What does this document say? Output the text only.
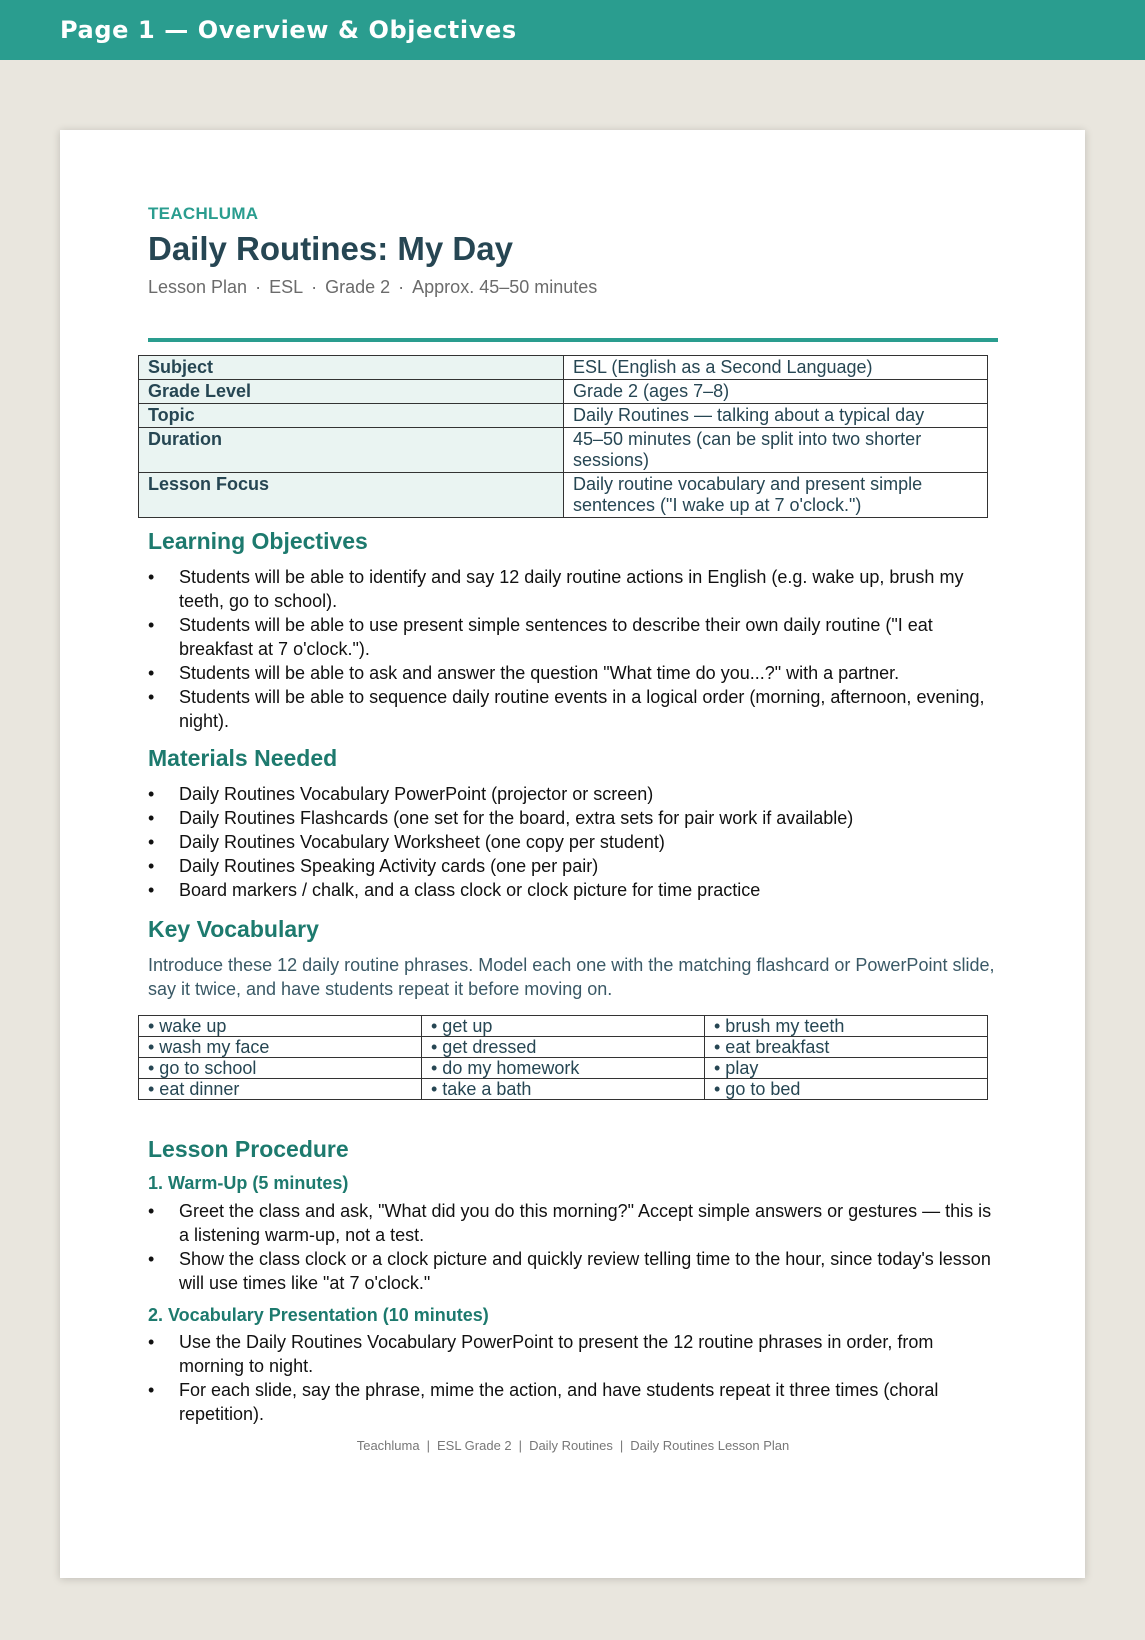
Page 1 — Overview & Objectives
TEACHLUMA
Daily Routines: My Day
Lesson Plan · ESL · Grade 2 · Approx. 45–50 minutes
Subject	ESL (English as a Second Language)
Grade Level	Grade 2 (ages 7–8)
Topic	Daily Routines — talking about a typical day
Duration	45–50 minutes (can be split into two shorter sessions)
Lesson Focus	Daily routine vocabulary and present simple sentences ("I wake up at 7 o'clock.")
Learning Objectives
• Students will be able to identify and say 12 daily routine actions in English (e.g. wake up, brush my teeth, go to school).
• Students will be able to use present simple sentences to describe their own daily routine ("I eat breakfast at 7 o'clock.").
• Students will be able to ask and answer the question "What time do you...?" with a partner.
• Students will be able to sequence daily routine events in a logical order (morning, afternoon, evening, night).
Materials Needed
• Daily Routines Vocabulary PowerPoint (projector or screen)
• Daily Routines Flashcards (one set for the board, extra sets for pair work if available)
• Daily Routines Vocabulary Worksheet (one copy per student)
• Daily Routines Speaking Activity cards (one per pair)
• Board markers / chalk, and a class clock or clock picture for time practice
Key Vocabulary

Introduce these 12 daily routine phrases. Model each one with the matching flashcard or PowerPoint slide, say it twice, and have students repeat it before moving on.

• wake up	• get up	• brush my teeth
• wash my face	• get dressed	• eat breakfast
• go to school	• do my homework	• play
• eat dinner	• take a bath	• go to bed
Lesson Procedure
1. Warm-Up (5 minutes)
• Greet the class and ask, "What did you do this morning?" Accept simple answers or gestures — this is a listening warm-up, not a test.
• Show the class clock or a clock picture and quickly review telling time to the hour, since today's lesson will use times like "at 7 o'clock."
2. Vocabulary Presentation (10 minutes)
• Use the Daily Routines Vocabulary PowerPoint to present the 12 routine phrases in order, from morning to night.
• For each slide, say the phrase, mime the action, and have students repeat it three times (choral repetition).
Teachluma | ESL Grade 2 | Daily Routines | Daily Routines Lesson Plan
